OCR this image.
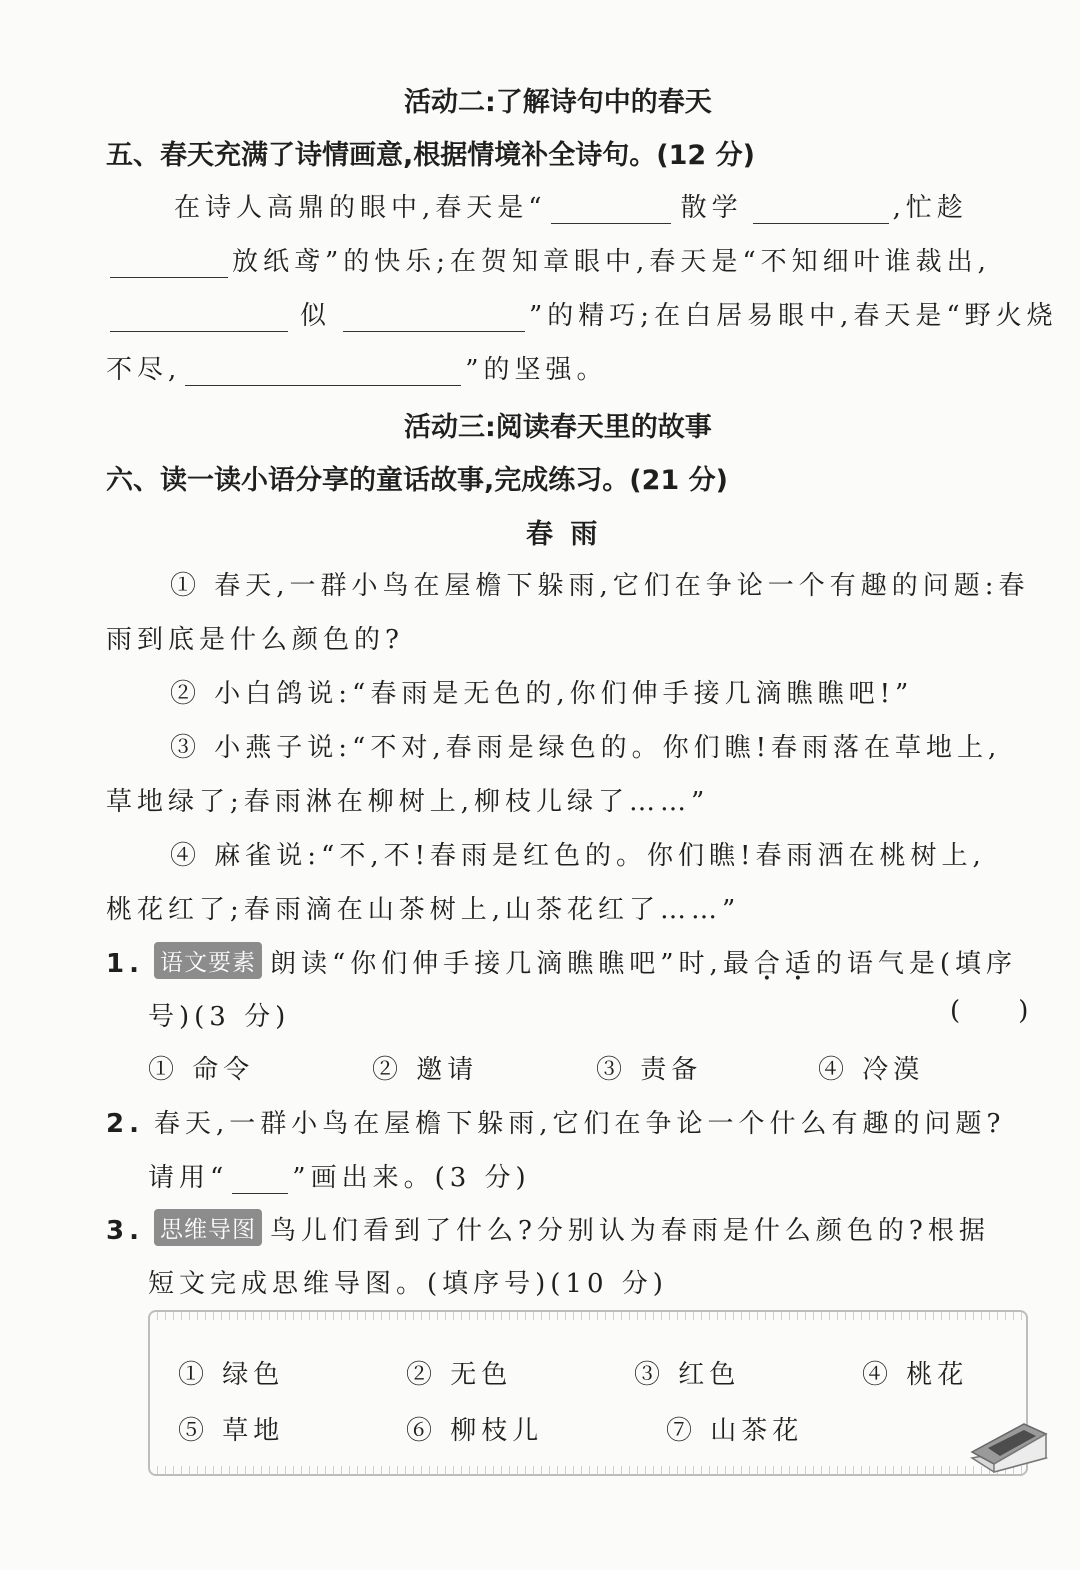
活动二:了解诗句中的春天
五、春天充满了诗情画意,根据情境补全诗句。(12 分)
在诗人高鼎的眼中,春天是“	散学	,忙趁
放纸鸢”的快乐;在贺知章眼中,春天是“不知细叶谁裁出,
似	”的精巧;在白居易眼中,春天是“野火烧
不尽,	”的坚强。
活动三:阅读春天里的故事
六、读一读小语分享的童话故事,完成练习。(21 分)
春 雨
① 春天,一群小鸟在屋檐下躲雨,它们在争论一个有趣的问题:春
雨到底是什么颜色的?
② 小白鸽说:“春雨是无色的,你们伸手接几滴瞧瞧吧!”
③ 小燕子说:“不对,春雨是绿色的。你们瞧!春雨落在草地上,
草地绿了;春雨淋在柳树上,柳枝儿绿了……”
④ 麻雀说:“不,不!春雨是红色的。你们瞧!春雨洒在桃树上,
桃花红了;春雨滴在山茶树上,山茶花红了……”
1. 语文要素 朗读“你们伸手接几滴瞧瞧吧”时,最合适的语气是(填序
号)(3 分)	(    )
① 命令	② 邀请	③ 责备	④ 冷漠
2. 春天,一群小鸟在屋檐下躲雨,它们在争论一个什么有趣的问题?
请用“ ”画出来。(3 分)
3. 思维导图 鸟儿们看到了什么?分别认为春雨是什么颜色的?根据
短文完成思维导图。(填序号)(10 分)
① 绿色	② 无色	③ 红色	④ 桃花
⑤ 草地	⑥ 柳枝儿	⑦ 山茶花
